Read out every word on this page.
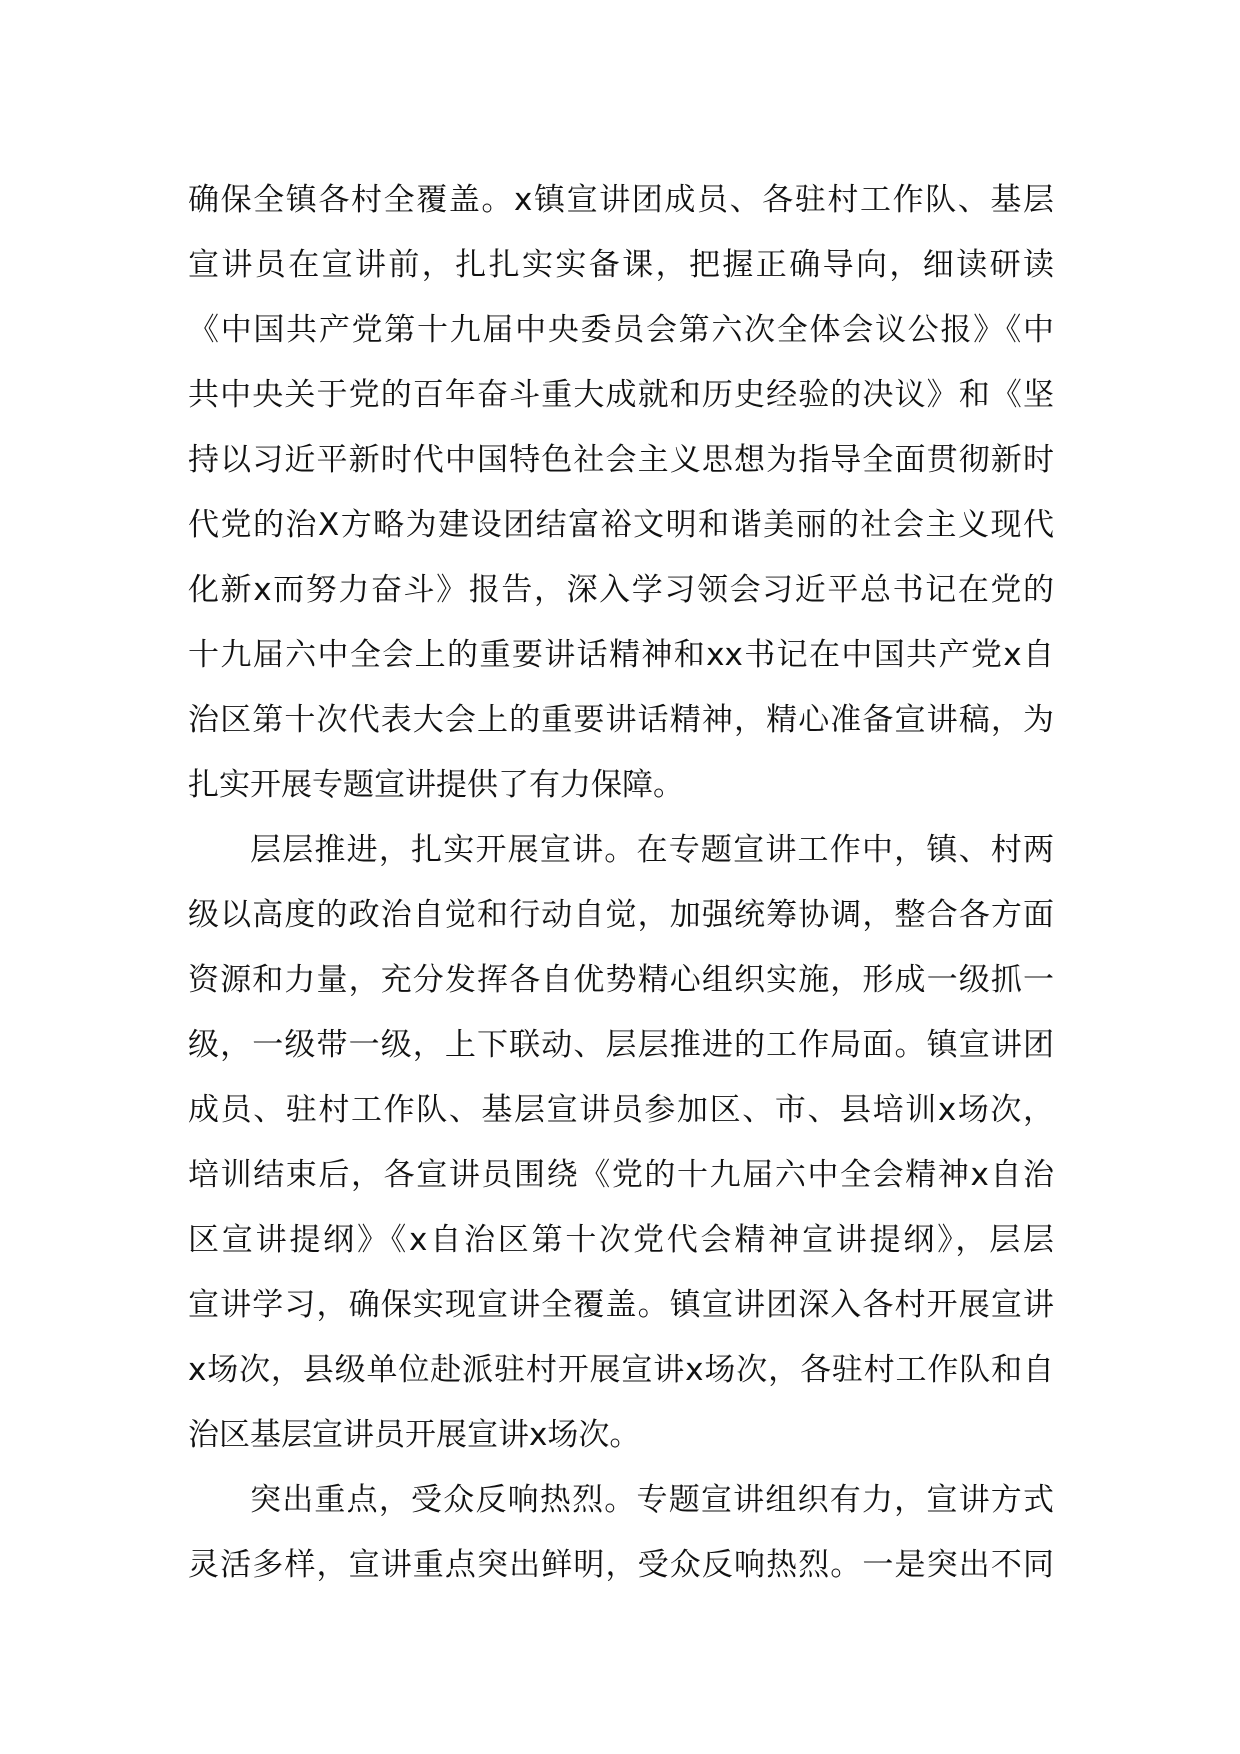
确保全镇各村全覆盖。x镇宣讲团成员、各驻村工作队、基层
宣讲员在宣讲前，扎扎实实备课，把握正确导向，细读研读
《中国共产党第十九届中央委员会第六次全体会议公报》《中
共中央关于党的百年奋斗重大成就和历史经验的决议》和《坚
持以习近平新时代中国特色社会主义思想为指导全面贯彻新时
代党的治X方略为建设团结富裕文明和谐美丽的社会主义现代
化新x而努力奋斗》报告，深入学习领会习近平总书记在党的
十九届六中全会上的重要讲话精神和xx书记在中国共产党x自
治区第十次代表大会上的重要讲话精神，精心准备宣讲稿，为
扎实开展专题宣讲提供了有力保障。
层层推进，扎实开展宣讲。在专题宣讲工作中，镇、村两
级以高度的政治自觉和行动自觉，加强统筹协调，整合各方面
资源和力量，充分发挥各自优势精心组织实施，形成一级抓一
级，一级带一级，上下联动、层层推进的工作局面。镇宣讲团
成员、驻村工作队、基层宣讲员参加区、市、县培训x场次，
培训结束后，各宣讲员围绕《党的十九届六中全会精神x自治
区宣讲提纲》《x自治区第十次党代会精神宣讲提纲》，层层
宣讲学习，确保实现宣讲全覆盖。镇宣讲团深入各村开展宣讲
x场次，县级单位赴派驻村开展宣讲x场次，各驻村工作队和自
治区基层宣讲员开展宣讲x场次。
突出重点，受众反响热烈。专题宣讲组织有力，宣讲方式
灵活多样，宣讲重点突出鲜明，受众反响热烈。一是突出不同
